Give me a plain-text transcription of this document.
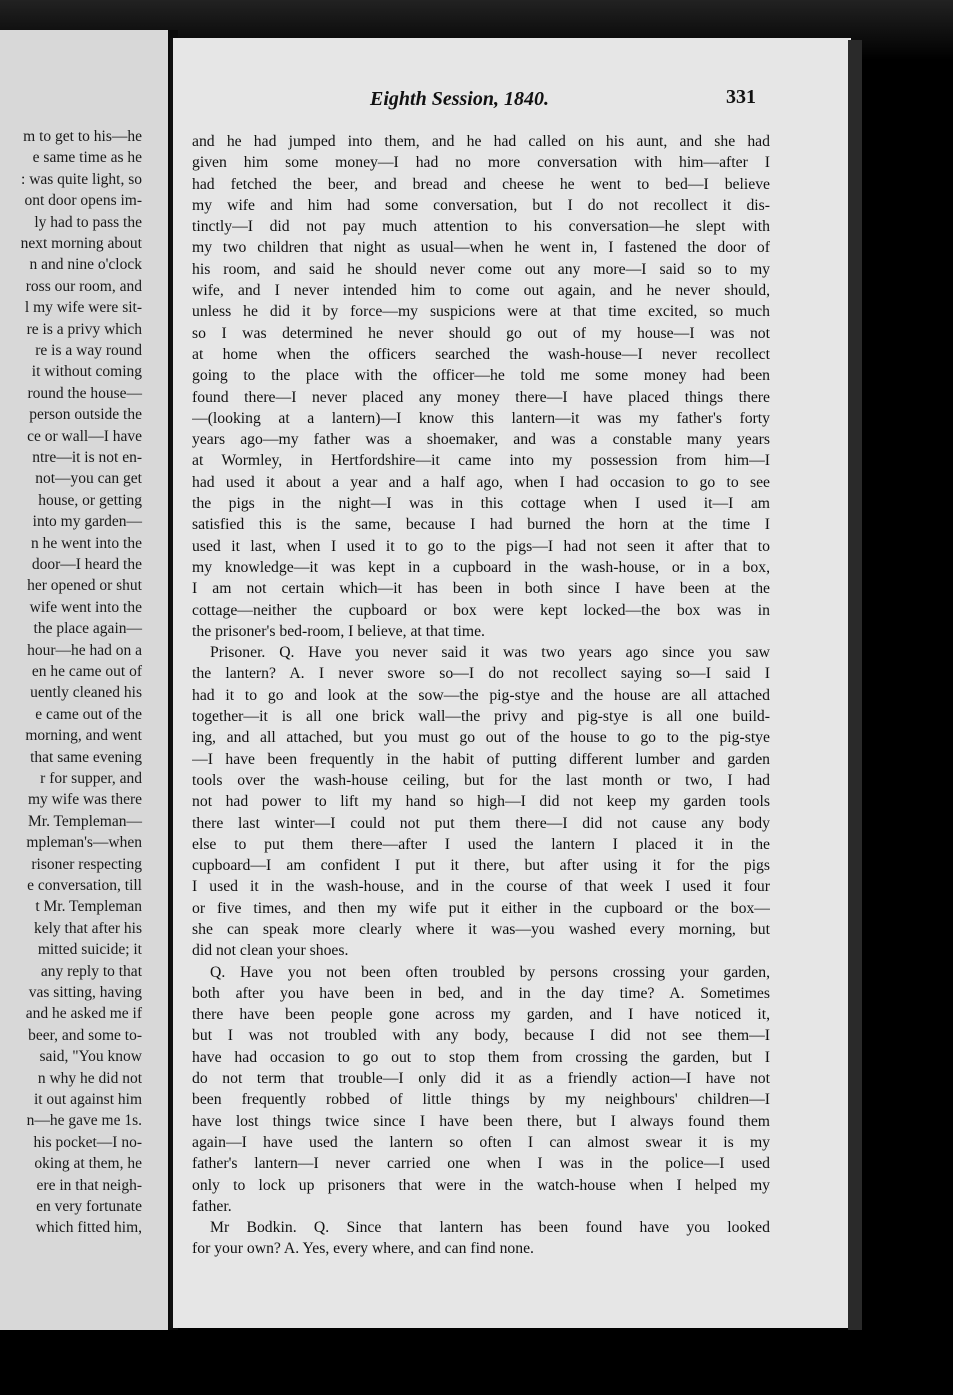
m to get to his—he
e same time as he
: was quite light, so
ont door opens im-
ly had to pass the
next morning about
n and nine o'clock
ross our room, and
l my wife were sit-
re is a privy which
re is a way round
it without coming
round the house—
person outside the
ce or wall—I have
ntre—it is not en-
not—you can get
house, or getting
into my garden—
n he went into the
door—I heard the
her opened or shut
wife went into the
the place again—
hour—he had on a
en he came out of
uently cleaned his
e came out of the
morning, and went
that same evening
r for supper, and
my wife was there
Mr. Templeman—
mpleman's—when
risoner respecting
e conversation, till
t Mr. Templeman
kely that after his
mitted suicide; it
any reply to that
vas sitting, having
and he asked me if
beer, and some to-
said, "You know
n why he did not
it out against him
n—he gave me 1s.
his pocket—I no-
oking at them, he
ere in that neigh-
en very fortunate
which fitted him,
Eighth Session, 1840.	331
and he had jumped into them, and he had called on his aunt, and she had
given him some money—I had no more conversation with him—after I
had fetched the beer, and bread and cheese he went to bed—I believe
my wife and him had some conversation, but I do not recollect it dis-
tinctly—I did not pay much attention to his conversation—he slept with
my two children that night as usual—when he went in, I fastened the door of
his room, and said he should never come out any more—I said so to my
wife, and I never intended him to come out again, and he never should,
unless he did it by force—my suspicions were at that time excited, so much
so I was determined he never should go out of my house—I was not
at home when the officers searched the wash-house—I never recollect
going to the place with the officer—he told me some money had been
found there—I never placed any money there—I have placed things there
—(looking at a lantern)—I know this lantern—it was my father's forty
years ago—my father was a shoemaker, and was a constable many years
at Wormley, in Hertfordshire—it came into my possession from him—I
had used it about a year and a half ago, when I had occasion to go to see
the pigs in the night—I was in this cottage when I used it—I am
satisfied this is the same, because I had burned the horn at the time I
used it last, when I used it to go to the pigs—I had not seen it after that to
my knowledge—it was kept in a cupboard in the wash-house, or in a box,
I am not certain which—it has been in both since I have been at the
cottage—neither the cupboard or box were kept locked—the box was in
the prisoner's bed-room, I believe, at that time.
Prisoner. Q. Have you never said it was two years ago since you saw
the lantern? A. I never swore so—I do not recollect saying so—I said I
had it to go and look at the sow—the pig-stye and the house are all attached
together—it is all one brick wall—the privy and pig-stye is all one build-
ing, and all attached, but you must go out of the house to go to the pig-stye
—I have been frequently in the habit of putting different lumber and garden
tools over the wash-house ceiling, but for the last month or two, I had
not had power to lift my hand so high—I did not keep my garden tools
there last winter—I could not put them there—I did not cause any body
else to put them there—after I used the lantern I placed it in the
cupboard—I am confident I put it there, but after using it for the pigs
I used it in the wash-house, and in the course of that week I used it four
or five times, and then my wife put it either in the cupboard or the box—
she can speak more clearly where it was—you washed every morning, but
did not clean your shoes.
Q. Have you not been often troubled by persons crossing your garden,
both after you have been in bed, and in the day time? A. Sometimes
there have been people gone across my garden, and I have noticed it,
but I was not troubled with any body, because I did not see them—I
have had occasion to go out to stop them from crossing the garden, but I
do not term that trouble—I only did it as a friendly action—I have not
been frequently robbed of little things by my neighbours' children—I
have lost things twice since I have been there, but I always found them
again—I have used the lantern so often I can almost swear it is my
father's lantern—I never carried one when I was in the police—I used
only to lock up prisoners that were in the watch-house when I helped my
father.
Mr Bodkin. Q. Since that lantern has been found have you looked
for your own? A. Yes, every where, and can find none.
